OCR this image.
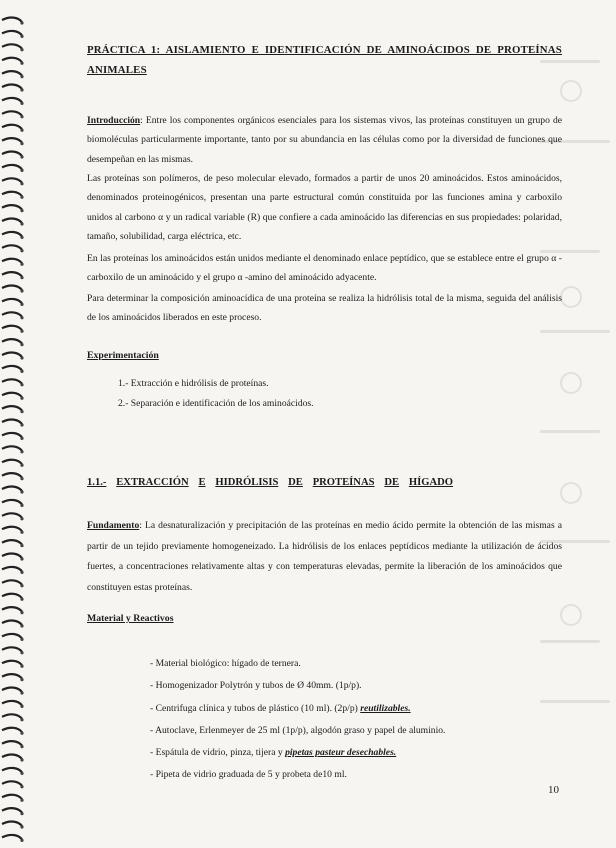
PRÁCTICA 1: AISLAMIENTO E IDENTIFICACIÓN DE AMINOÁCIDOS DE PROTEÍNAS ANIMALES
Introducción: Entre los componentes orgánicos esenciales para los sistemas vivos, las proteínas constituyen un grupo de biomoléculas particularmente importante, tanto por su abundancia en las células como por la diversidad de funciones que desempeñan en las mismas.
Las proteínas son polímeros, de peso molecular elevado, formados a partir de unos 20 aminoácidos. Estos aminoácidos, denominados proteinogénicos, presentan una parte estructural común constituida por las funciones amina y carboxilo unidos al carbono α y un radical variable (R) que confiere a cada aminoácido las diferencias en sus propiedades: polaridad, tamaño, solubilidad, carga eléctrica, etc.
En las proteínas los aminoácidos están unidos mediante el denominado enlace peptídico, que se establece entre el grupo α -carboxilo de un aminoácido y el grupo α -amino del aminoácido adyacente.
Para determinar la composición aminoacídica de una proteína se realiza la hidrólisis total de la misma, seguida del análisis de los aminoácidos liberados en este proceso.
Experimentación
1.- Extracción e hidrólisis de proteínas.
2.- Separación e identificación de los aminoácidos.
1.1.- EXTRACCIÓN E HIDRÓLISIS DE PROTEÍNAS DE HÍGADO
Fundamento: La desnaturalización y precipitación de las proteínas en medio ácido permite la obtención de las mismas a partir de un tejido previamente homogeneizado. La hidrólisis de los enlaces peptídicos mediante la utilización de ácidos fuertes, a concentraciones relativamente altas y con temperaturas elevadas, permite la liberación de los aminoácidos que constituyen estas proteínas.
Material y Reactivos
- Material biológico: hígado de ternera.
- Homogenizador Polytrón y tubos de Ø 40mm. (1p/p).
- Centrifuga clínica y tubos de plástico (10 ml). (2p/p) reutilizables.
- Autoclave, Erlenmeyer de 25 ml (1p/p), algodón graso y papel de aluminio.
- Espátula de vidrio, pinza, tijera y pipetas pasteur desechables.
- Pipeta de vidrio graduada de 5 y probeta de10 ml.
10
